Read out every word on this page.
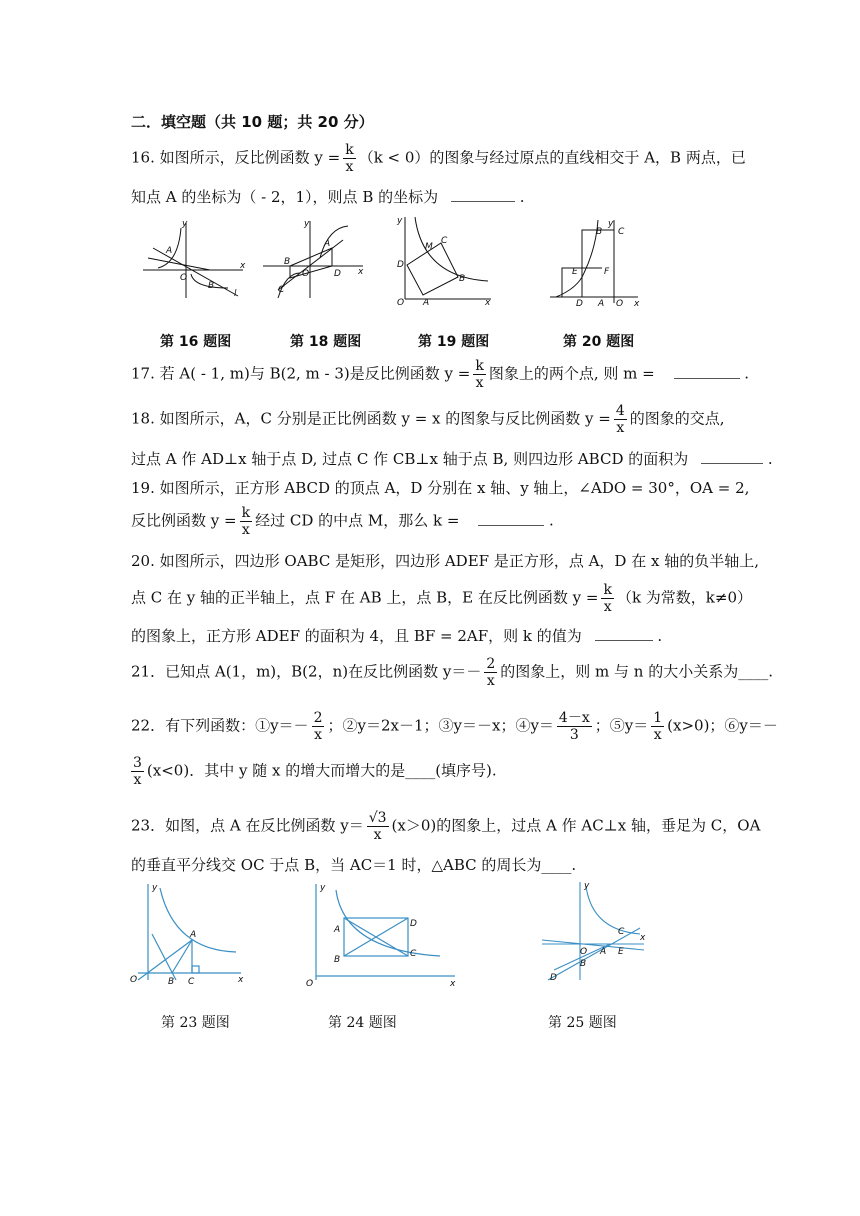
二．填空题（共 10 题；共 20 分）
16. 如图所示，反比例函数 $y = \frac{k}{x} (k < 0)$的图象与经过原点的直线相交于 A，B 两点，已
知点 A 的坐标为（ - 2，1），则点 B 的坐标为	.
y
A
O
x
B
l
y
A
B
O	D x
C
y
M
C
D
B
O A	x
y
B C
E	F
D A O x
第 16 题图	第 18 题图	第 19 题图	第 20 题图
17. 若 A( - 1, m)与 B(2, m - 3)是反比例函数 $y = \frac{k}{x}$ 图象上的两个点, 则 m =	.
18. 如图所示，A，C 分别是正比例函数 y = x 的图象与反比例函数 $y = \frac{4}{x}$ 的图象的交点,
过点 A 作 AD⊥x 轴于点 D, 过点 C 作 CB⊥x 轴于点 B, 则四边形 ABCD 的面积为	.
19. 如图所示，正方形 ABCD 的顶点 A，D 分别在 x 轴、y 轴上，∠ADO = 30°，OA = 2,
反比例函数 $y = \frac{k}{x}$ 经过 CD 的中点 M，那么 k =	.
20. 如图所示，四边形 OABC 是矩形，四边形 ADEF 是正方形，点 A，D 在 x 轴的负半轴上,
点 C 在 y 轴的正半轴上，点 F 在 AB 上，点 B，E 在反比例函数 $y = \frac{k}{x} (k$ 为常数，k≠0）
的图象上，正方形 ADEF 的面积为 4，且 BF = 2AF，则 k 的值为	.
21．已知点 A(1，m)，B(2，n)在反比例函数 $y=- \frac{2}{x}$ 的图象上，则 m 与 n 的大小关系为____.
22．有下列函数：①y＝－ $\frac{2}{x}$ ；②y＝2x－1；③y＝－x；④y＝ $\frac{4-x}{3}$ ；⑤y＝ $\frac{1}{x} (x>0)$；⑥y＝－
$\frac{3}{x} (x<0)$．其中 y 随 x 的增大而增大的是____(填序号).
23．如图，点 A 在反比例函数 $y= \frac{√3}{x} (x>0)$的图象上，过点 A 作 AC⊥x 轴，垂足为 C，OA
的垂直平分线交 OC 于点 B，当 AC＝1 时，△ABC 的周长为____.
y
A
O	B C	x
y
A
D
B
C
O	x
y
C
O A E
x
B
D
第 23 题图	第 24 题图	第 25 题图
